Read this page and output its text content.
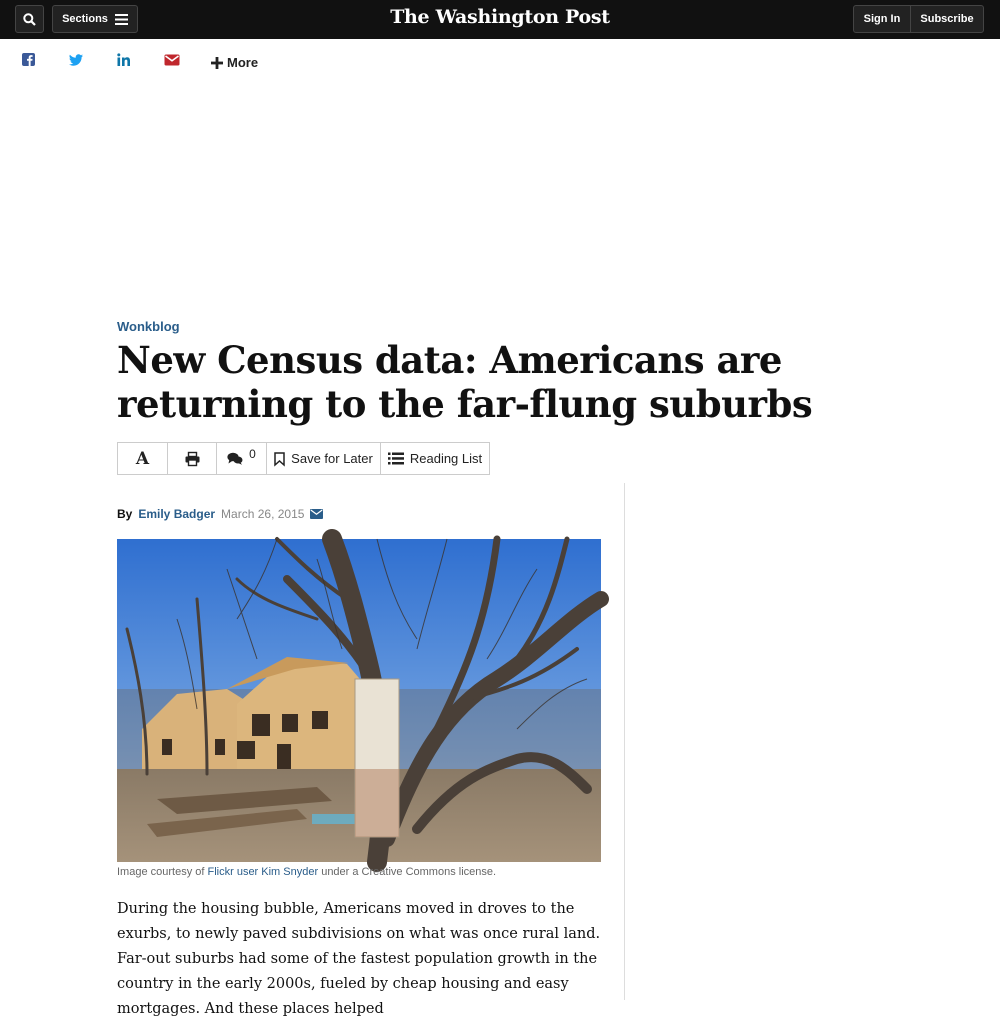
Sections	The Washington Post	Sign In	Subscribe
More
Wonkblog
New Census data: Americans are returning to the far-flung suburbs
A	0	Save for Later	Reading List
By Emily Badger March 26, 2015
Image courtesy of Flickr user Kim Snyder under a Creative Commons license.

During the housing bubble, Americans moved in droves to the exurbs, to newly paved subdivisions on what was once rural land. Far-out suburbs had some of the fastest population growth in the country in the early 2000s, fueled by cheap housing and easy mortgages. And these places helped
